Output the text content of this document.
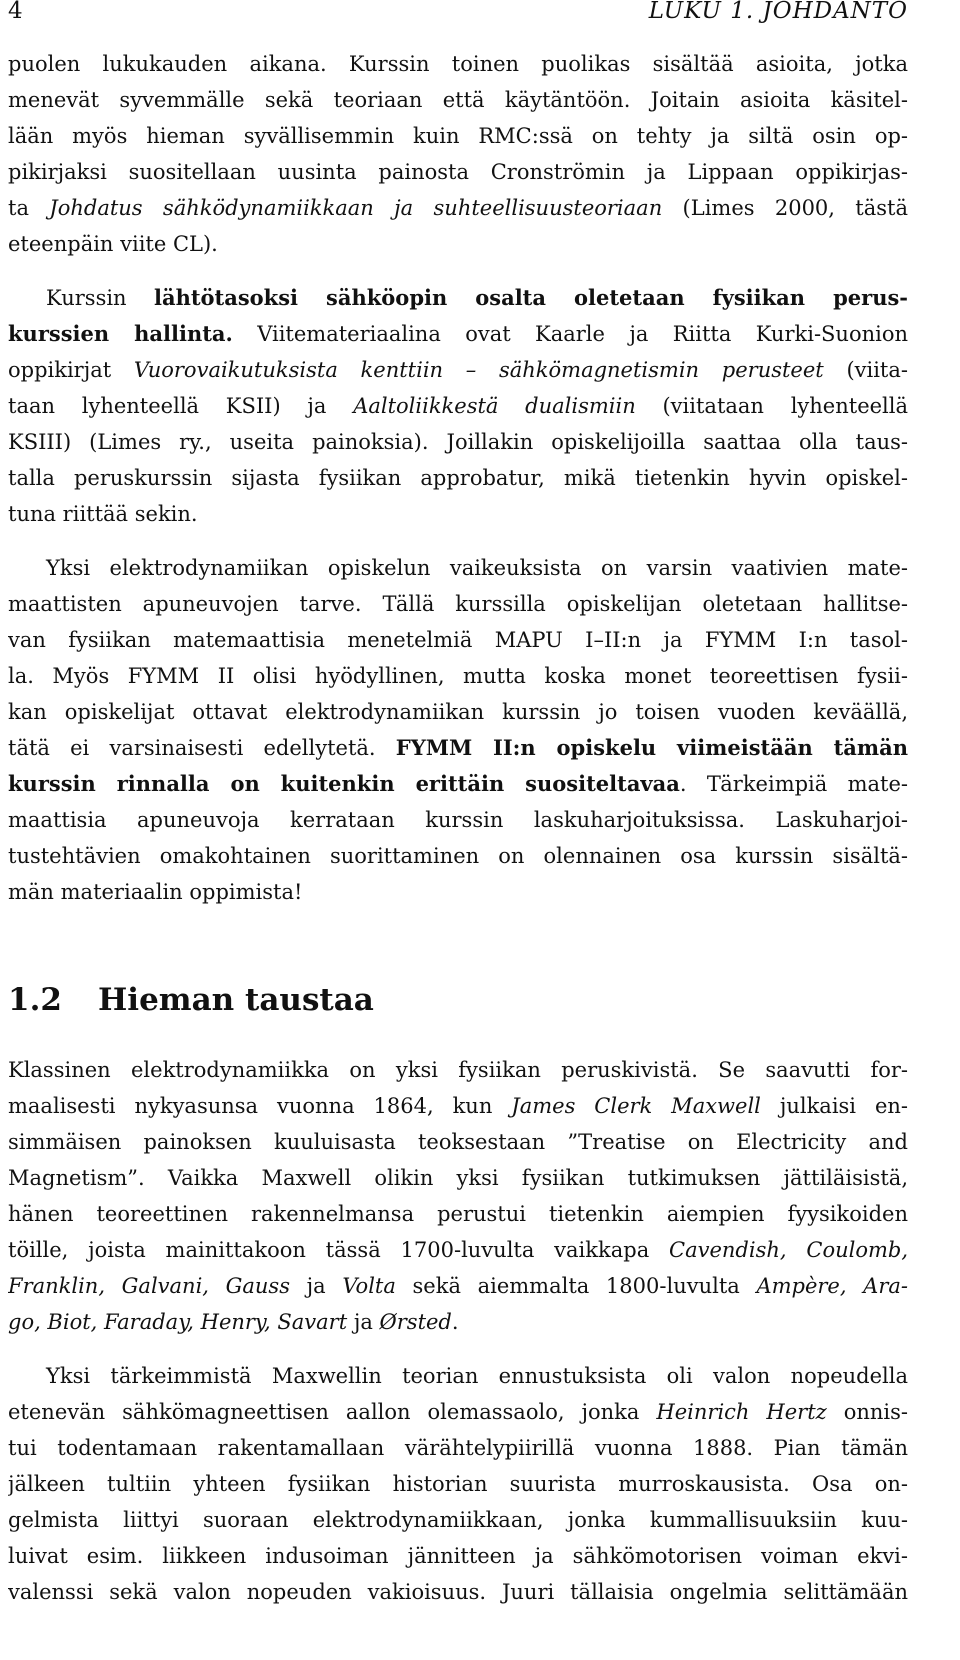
4	LUKU 1. JOHDANTO
puolen lukukauden aikana. Kurssin toinen puolikas sisältää asioita, jotka
menevät syvemmälle sekä teoriaan että käytäntöön. Joitain asioita käsitel-
lään myös hieman syvällisemmin kuin RMC:ssä on tehty ja siltä osin op-
pikirjaksi suositellaan uusinta painosta Cronströmin ja Lippaan oppikirjas-
ta Johdatus sähködynamiikkaan ja suhteellisuusteoriaan (Limes 2000, tästä
eteenpäin viite CL).
Kurssin lähtötasoksi sähköopin osalta oletetaan fysiikan perus-
kurssien hallinta. Viitemateriaalina ovat Kaarle ja Riitta Kurki-Suonion
oppikirjat Vuorovaikutuksista kenttiin – sähkömagnetismin perusteet (viita-
taan lyhenteellä KSII) ja Aaltoliikkestä dualismiin (viitataan lyhenteellä
KSIII) (Limes ry., useita painoksia). Joillakin opiskelijoilla saattaa olla taus-
talla peruskurssin sijasta fysiikan approbatur, mikä tietenkin hyvin opiskel-
tuna riittää sekin.
Yksi elektrodynamiikan opiskelun vaikeuksista on varsin vaativien mate-
maattisten apuneuvojen tarve. Tällä kurssilla opiskelijan oletetaan hallitse-
van fysiikan matemaattisia menetelmiä MAPU I–II:n ja FYMM I:n tasol-
la. Myös FYMM II olisi hyödyllinen, mutta koska monet teoreettisen fysii-
kan opiskelijat ottavat elektrodynamiikan kurssin jo toisen vuoden keväällä,
tätä ei varsinaisesti edellytetä. FYMM II:n opiskelu viimeistään tämän
kurssin rinnalla on kuitenkin erittäin suositeltavaa. Tärkeimpiä mate-
maattisia apuneuvoja kerrataan kurssin laskuharjoituksissa. Laskuharjoi-
tustehtävien omakohtainen suorittaminen on olennainen osa kurssin sisältä-
män materiaalin oppimista!
1.2 Hieman taustaa
Klassinen elektrodynamiikka on yksi fysiikan peruskivistä. Se saavutti for-
maalisesti nykyasunsa vuonna 1864, kun James Clerk Maxwell julkaisi en-
simmäisen painoksen kuuluisasta teoksestaan ”Treatise on Electricity and
Magnetism”. Vaikka Maxwell olikin yksi fysiikan tutkimuksen jättiläisistä,
hänen teoreettinen rakennelmansa perustui tietenkin aiempien fyysikoiden
töille, joista mainittakoon tässä 1700-luvulta vaikkapa Cavendish, Coulomb,
Franklin, Galvani, Gauss ja Volta sekä aiemmalta 1800-luvulta Ampère, Ara-
go, Biot, Faraday, Henry, Savart ja Ørsted.
Yksi tärkeimmistä Maxwellin teorian ennustuksista oli valon nopeudella
etenevän sähkömagneettisen aallon olemassaolo, jonka Heinrich Hertz onnis-
tui todentamaan rakentamallaan värähtelypiirillä vuonna 1888. Pian tämän
jälkeen tultiin yhteen fysiikan historian suurista murroskausista. Osa on-
gelmista liittyi suoraan elektrodynamiikkaan, jonka kummallisuuksiin kuu-
luivat esim. liikkeen indusoiman jännitteen ja sähkömotorisen voiman ekvi-
valenssi sekä valon nopeuden vakioisuus. Juuri tällaisia ongelmia selittämään
